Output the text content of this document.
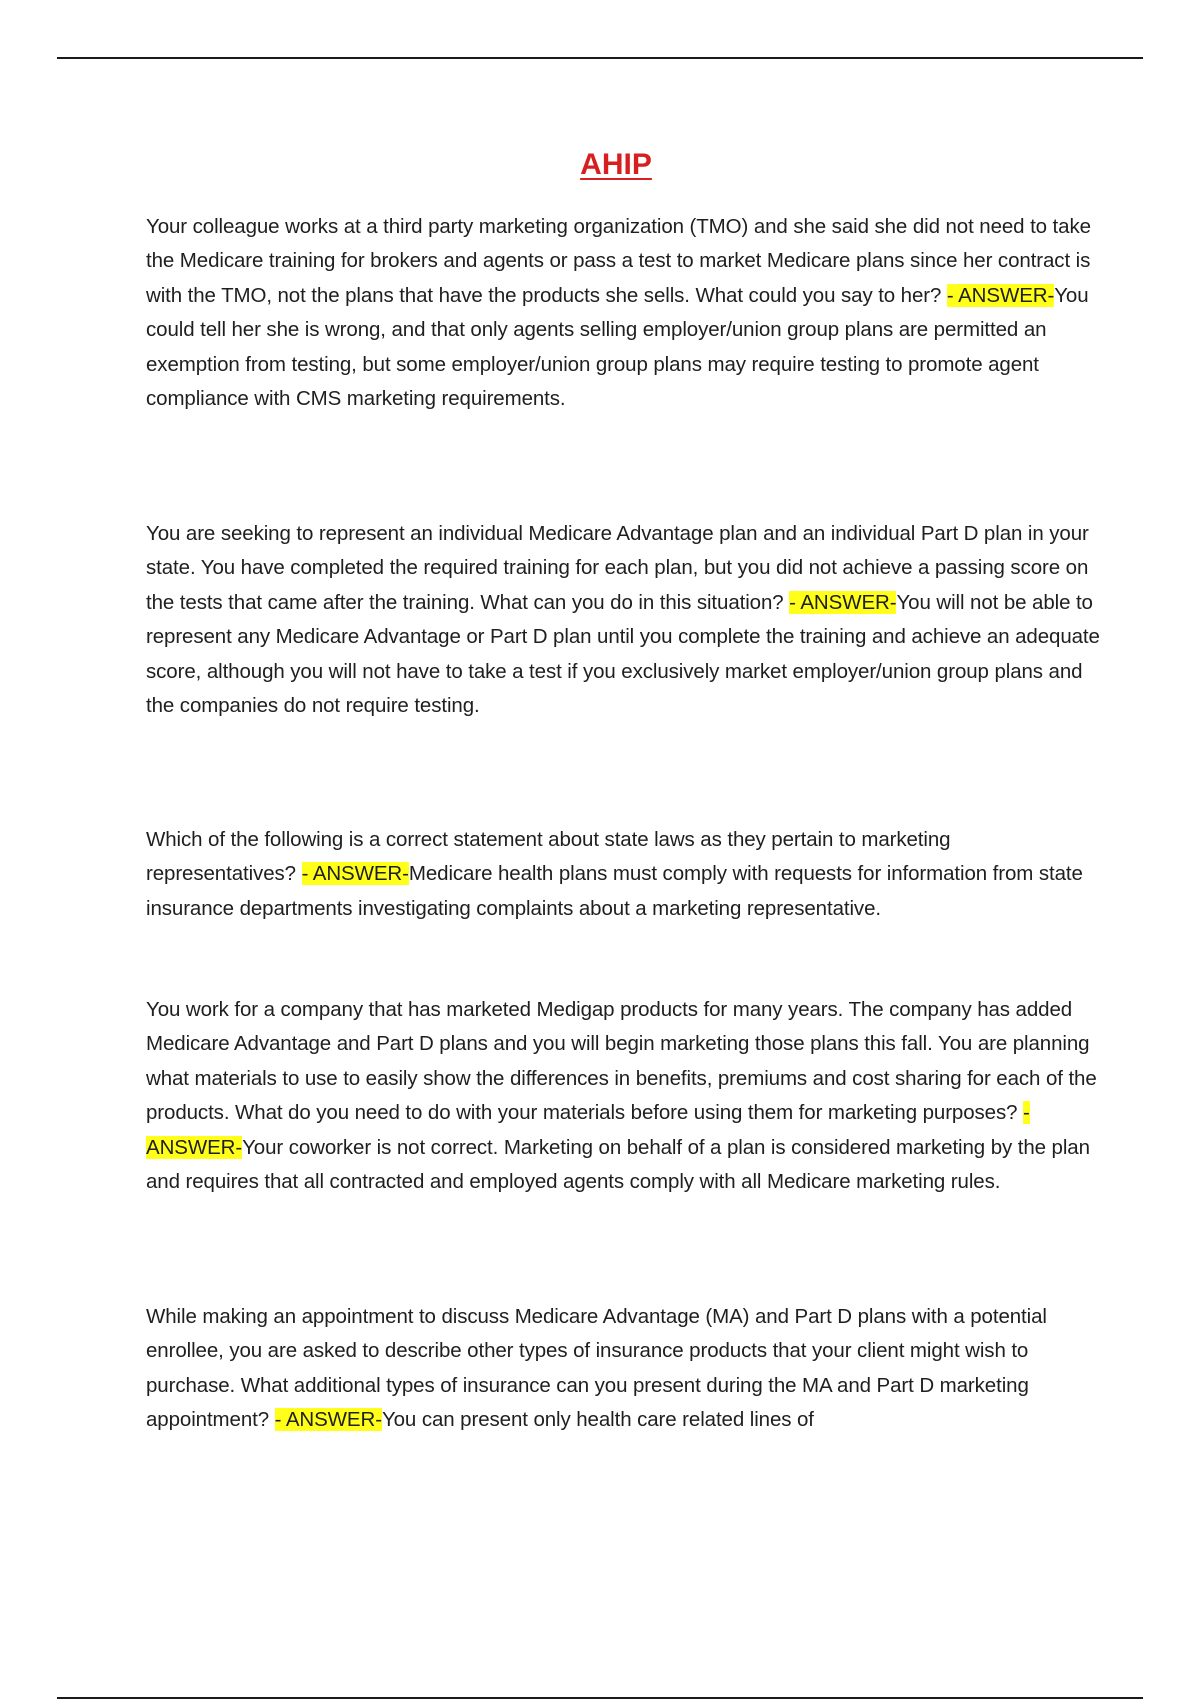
AHIP

Your colleague works at a third party marketing organization (TMO) and she said she did not need to take the Medicare training for brokers and agents or pass a test to market Medicare plans since her contract is with the TMO, not the plans that have the products she sells. What could you say to her? - ANSWER-You could tell her she is wrong, and that only agents selling employer/union group plans are permitted an exemption from testing, but some employer/union group plans may require testing to promote agent compliance with CMS marketing requirements.

You are seeking to represent an individual Medicare Advantage plan and an individual Part D plan in your state. You have completed the required training for each plan, but you did not achieve a passing score on the tests that came after the training. What can you do in this situation? - ANSWER-You will not be able to represent any Medicare Advantage or Part D plan until you complete the training and achieve an adequate score, although you will not have to take a test if you exclusively market employer/union group plans and the companies do not require testing.

Which of the following is a correct statement about state laws as they pertain to marketing representatives? - ANSWER-Medicare health plans must comply with requests for information from state insurance departments investigating complaints about a marketing representative.

You work for a company that has marketed Medigap products for many years. The company has added Medicare Advantage and Part D plans and you will begin marketing those plans this fall. You are planning what materials to use to easily show the differences in benefits, premiums and cost sharing for each of the products. What do you need to do with your materials before using them for marketing purposes? - ANSWER-Your coworker is not correct. Marketing on behalf of a plan is considered marketing by the plan and requires that all contracted and employed agents comply with all Medicare marketing rules.

While making an appointment to discuss Medicare Advantage (MA) and Part D plans with a potential enrollee, you are asked to describe other types of insurance products that your client might wish to purchase. What additional types of insurance can you present during the MA and Part D marketing appointment? - ANSWER-You can present only health care related lines of
